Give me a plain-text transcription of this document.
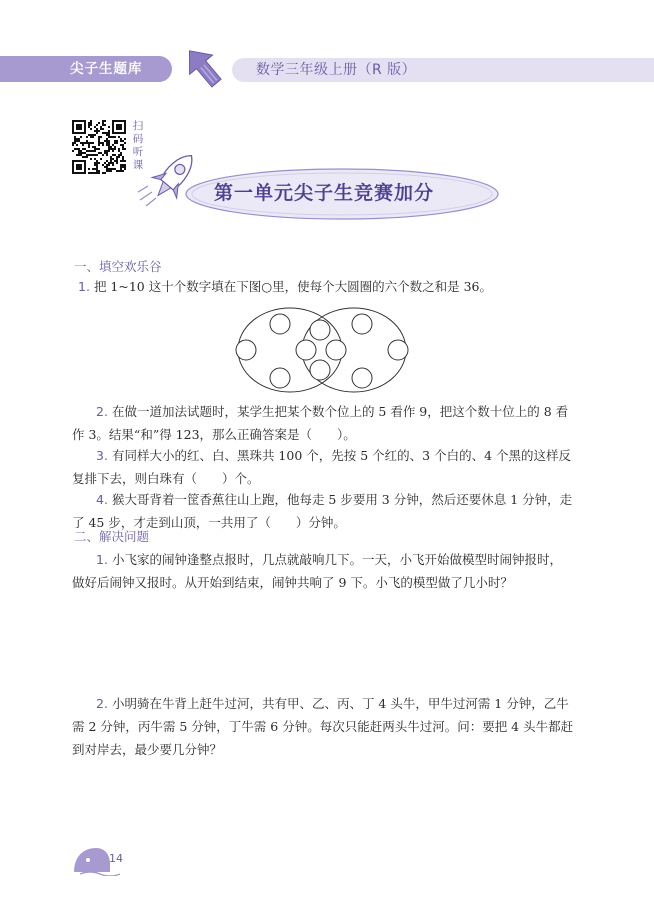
尖子生题库	数学三年级上册（R 版）
扫
码
听
课
第一单元尖子生竞赛加分
一、填空欢乐谷
1. 把 1~10 这十个数字填在下图○里，使每个大圆圈的六个数之和是 36。
2. 在做一道加法试题时，某学生把某个数个位上的 5 看作 9，把这个数十位上的 8 看
作 3。结果“和”得 123，那么正确答案是（　　）。
3. 有同样大小的红、白、黑珠共 100 个，先按 5 个红的、3 个白的、4 个黑的这样反
复排下去，则白珠有（　　）个。
4. 猴大哥背着一筐香蕉往山上跑，他每走 5 步要用 3 分钟，然后还要休息 1 分钟，走
了 45 步，才走到山顶，一共用了（　　）分钟。
二、解决问题
1. 小飞家的闹钟逢整点报时，几点就敲响几下。一天，小飞开始做模型时闹钟报时，
做好后闹钟又报时。从开始到结束，闹钟共响了 9 下。小飞的模型做了几小时？
2. 小明骑在牛背上赶牛过河，共有甲、乙、丙、丁 4 头牛，甲牛过河需 1 分钟，乙牛
需 2 分钟，丙牛需 5 分钟，丁牛需 6 分钟。每次只能赶两头牛过河。问：要把 4 头牛都赶
到对岸去，最少要几分钟？
14
